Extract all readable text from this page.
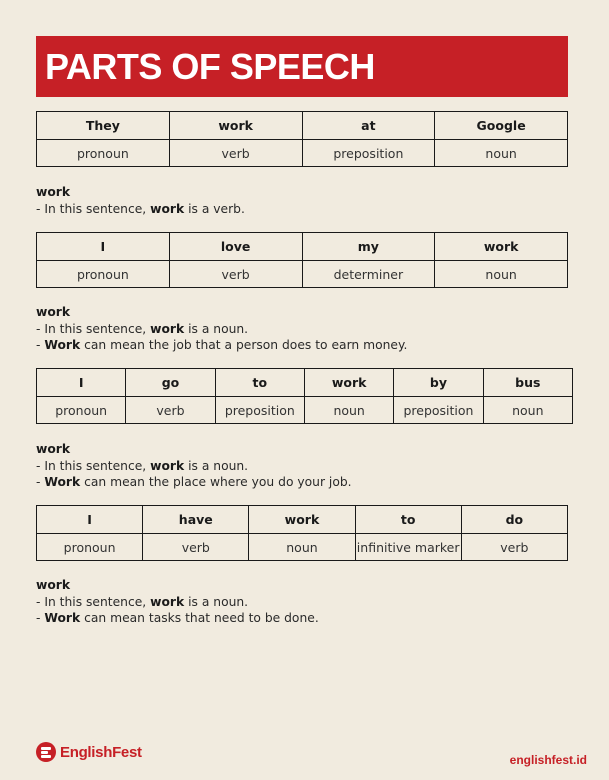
PARTS OF SPEECH
They	work	at	Google
pronoun	verb	preposition	noun
work
- In this sentence, work is a verb.
I	love	my	work
pronoun	verb	determiner	noun
work
- In this sentence, work is a noun.
- Work can mean the job that a person does to earn money.
I	go	to	work	by	bus
pronoun	verb	preposition	noun	preposition	noun
work
- In this sentence, work is a noun.
- Work can mean the place where you do your job.
I	have	work	to	do
pronoun	verb	noun	infinitive marker	verb
work
- In this sentence, work is a noun.
- Work can mean tasks that need to be done.
EnglishFest	englishfest.id
